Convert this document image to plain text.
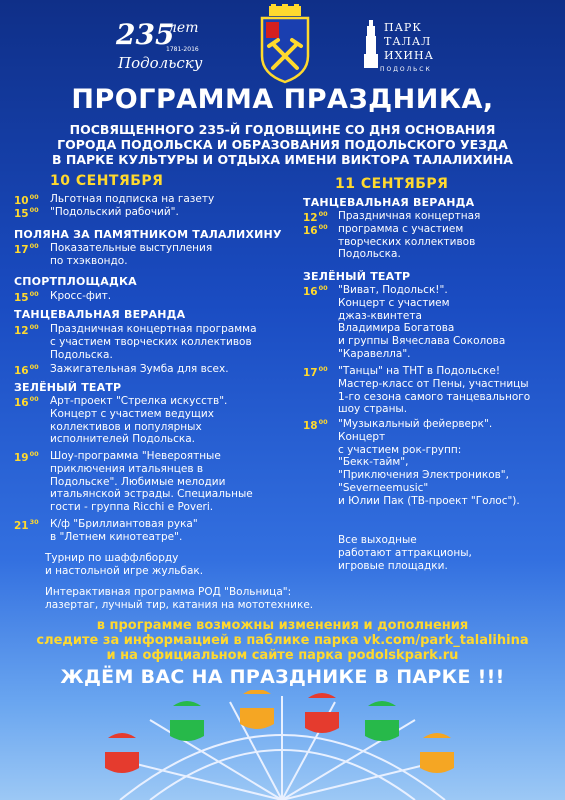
235
лет
1781-2016
Подольску
ПАРК
ТАЛАЛ
ИХИНА
ПОДОЛЬСК
ПРОГРАММА ПРАЗДНИКА,
ПОСВЯЩЕННОГО 235-Й ГОДОВЩИНЕ СО ДНЯ ОСНОВАНИЯ
ГОРОДА ПОДОЛЬСКА И ОБРАЗОВАНИЯ ПОДОЛЬСКОГО УЕЗДА
В ПАРКЕ КУЛЬТУРЫ И ОТДЫХА ИМЕНИ ВИКТОРА ТАЛАЛИХИНА
10 СЕНТЯБРЯ
$10^{00}$
$15^{00}$
Льготная подписка на газету
"Подольский рабочий".
ПОЛЯНА ЗА ПАМЯТНИКОМ ТАЛАЛИХИНУ
$17^{00}$ Показательные выступления
по тхэквондо.
СПОРТПЛОЩАДКА
$15^{00}$ Кросс-фит.
ТАНЦЕВАЛЬНАЯ ВЕРАНДА
$12^{00}$ Праздничная концертная программа
с участием творческих коллективов
Подольска.
$16^{00}$ Зажигательная Зумба для всех.
ЗЕЛЁНЫЙ ТЕАТР
$16^{00}$ Арт-проект "Стрелка искусств".
Концерт с участием ведущих
коллективов и популярных
исполнителей Подольска.
$19^{00}$ Шоу-программа "Невероятные
приключения итальянцев в
Подольске". Любимые мелодии
итальянской эстрады. Специальные
гости - группа Ricchi e Poveri.
$21^{30}$ К/ф "Бриллиантовая рука"
в "Летнем кинотеатре".
Турнир по шаффлборду
и настольной игре жульбак.
Интерактивная программа РОД "Вольница":
лазертаг, лучный тир, катания на мототехнике.
11 СЕНТЯБРЯ
ТАНЦЕВАЛЬНАЯ ВЕРАНДА
$12^{00}$
$16^{00}$
Праздничная концертная
программа с участием
творческих коллективов
Подольска.
ЗЕЛЁНЫЙ ТЕАТР
$16^{00}$ "Виват, Подольск!".
Концерт с участием
джаз-квинтета
Владимира Богатова
и группы Вячеслава Соколова
"Каравелла".
$17^{00}$ "Танцы" на ТНТ в Подольске!
Мастер-класс от Пены, участницы
1-го сезона самого танцевального
шоу страны.
$18^{00}$ "Музыкальный фейерверк".
Концерт
с участием рок-групп:
"Бекк-тайм",
"Приключения Электроников",
"Severneemusic"
и Юлии Пак (ТВ-проект "Голос").
Все выходные
работают аттракционы,
игровые площадки.
в программе возможны изменения и дополнения
следите за информацией в паблике парка vk.com/park_talalihina
и на официальном сайте парка podolskpark.ru
ЖДЁМ ВАС НА ПРАЗДНИКЕ В ПАРКЕ !!!
